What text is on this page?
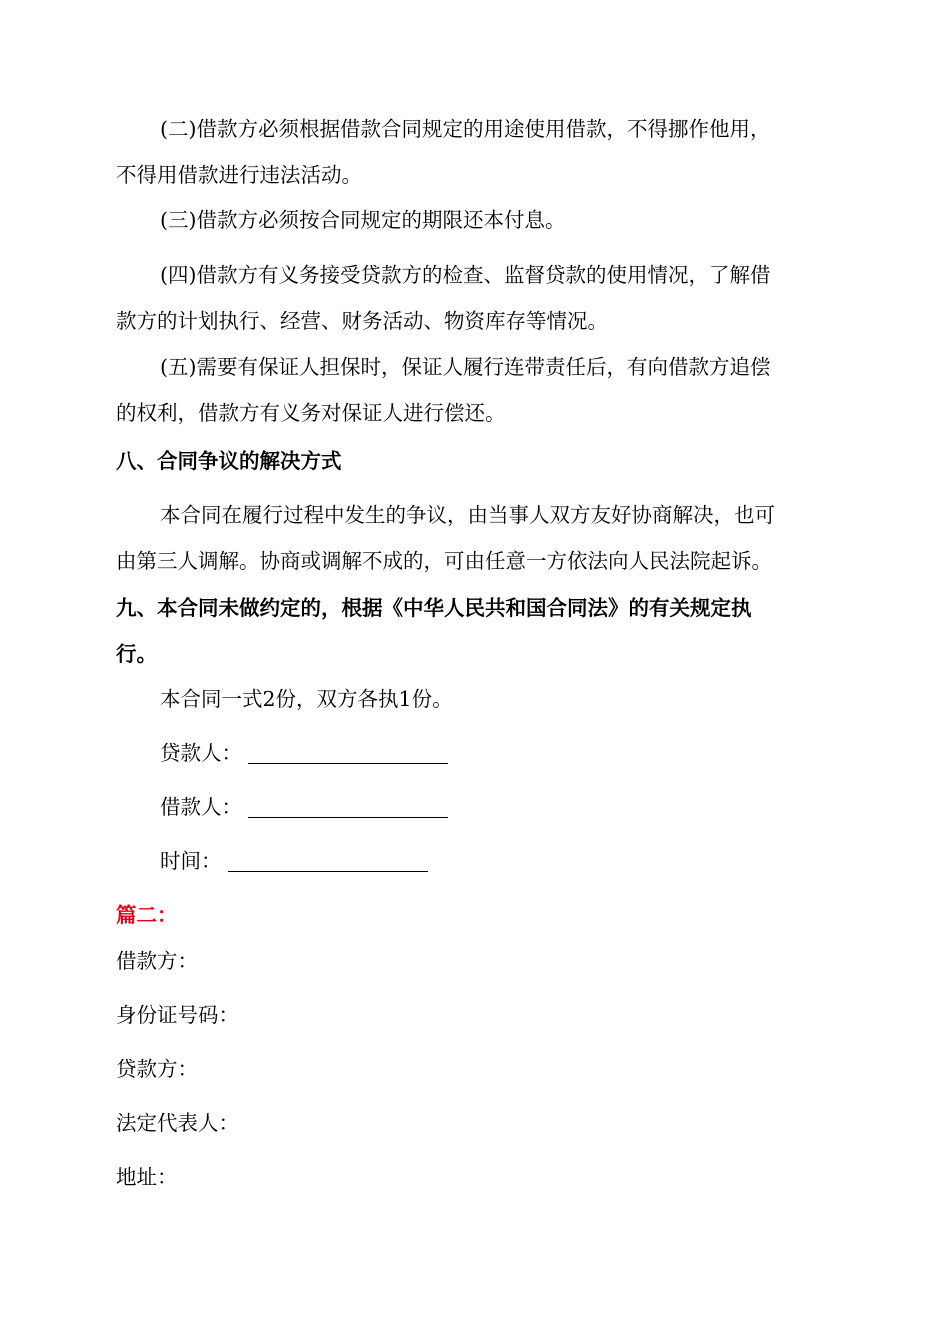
(二)借款方必须根据借款合同规定的用途使用借款，不得挪作他用，
不得用借款进行违法活动。
(三)借款方必须按合同规定的期限还本付息。
(四)借款方有义务接受贷款方的检查、监督贷款的使用情况，了解借
款方的计划执行、经营、财务活动、物资库存等情况。
(五)需要有保证人担保时，保证人履行连带责任后，有向借款方追偿
的权利，借款方有义务对保证人进行偿还。
八、合同争议的解决方式
本合同在履行过程中发生的争议，由当事人双方友好协商解决，也可
由第三人调解。协商或调解不成的，可由任意一方依法向人民法院起诉。
九、本合同未做约定的，根据《中华人民共和国合同法》的有关规定执
行。
本合同一式2份，双方各执1份。
贷款人：
借款人：
时间：
篇二：
借款方：
身份证号码：
贷款方：
法定代表人：
地址：
